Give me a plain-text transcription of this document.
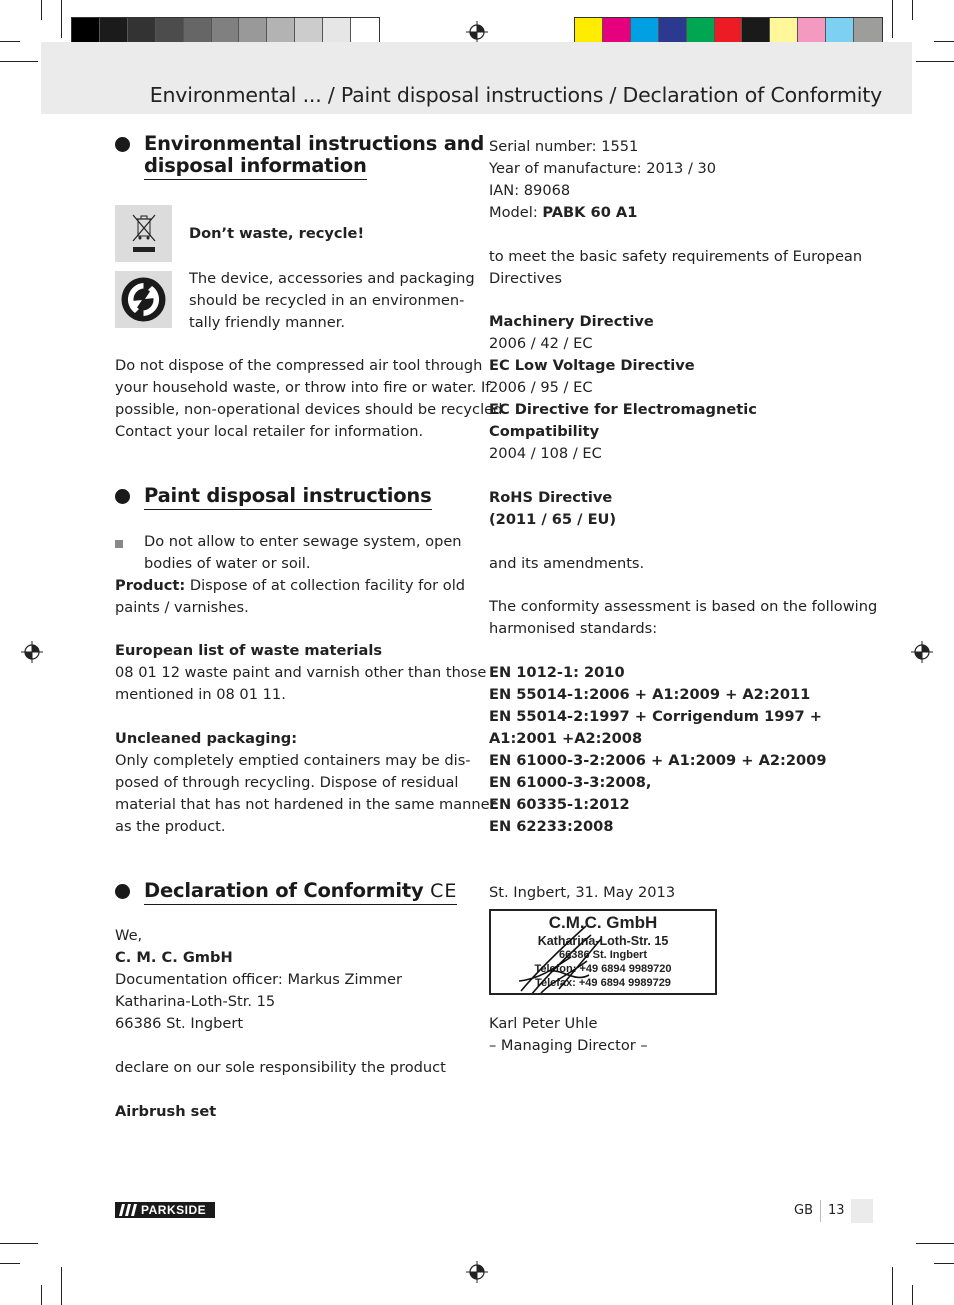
Environmental ... / Paint disposal instructions / Declaration of Conformity
Environmental instructions and
disposal information
Don’t waste, recycle!
The device, accessories and packaging
should be recycled in an environmen-
tally friendly manner.
Do not dispose of the compressed air tool through
your household waste, or throw into fire or water. If
possible, non-operational devices should be recycled.
Contact your local retailer for information.
Paint disposal instructions
Do not allow to enter sewage system, open
bodies of water or soil.
Product: Dispose of at collection facility for old
paints / varnishes.
European list of waste materials
08 01 12 waste paint and varnish other than those
mentioned in 08 01 11.
Uncleaned packaging:
Only completely emptied containers may be dis-
posed of through recycling. Dispose of residual
material that has not hardened in the same manner
as the product.
Declaration of Conformity CE
We,
C. M. C. GmbH
Documentation officer: Markus Zimmer
Katharina-Loth-Str. 15
66386 St. Ingbert
declare on our sole responsibility the product
Airbrush set
Serial number: 1551
Year of manufacture: 2013 / 30
IAN: 89068
Model: PABK 60 A1
to meet the basic safety requirements of European
Directives
Machinery Directive
2006 / 42 / EC
EC Low Voltage Directive
2006 / 95 / EC
EC Directive for Electromagnetic
Compatibility
2004 / 108 / EC
RoHS Directive
(2011 / 65 / EU)
and its amendments.
The conformity assessment is based on the following
harmonised standards:
EN 1012-1: 2010
EN 55014-1:2006 + A1:2009 + A2:2011
EN 55014-2:1997 + Corrigendum 1997 +
A1:2001 +A2:2008
EN 61000-3-2:2006 + A1:2009 + A2:2009
EN 61000-3-3:2008,
EN 60335-1:2012
EN 62233:2008
St. Ingbert, 31. May 2013
C.M.C. GmbH
Katharina-Loth-Str. 15
66386 St. Ingbert
Telefon: +49 6894 9989720
Telefax: +49 6894 9989729
Karl Peter Uhle
– Managing Director –
PARKSIDE	GB 13
